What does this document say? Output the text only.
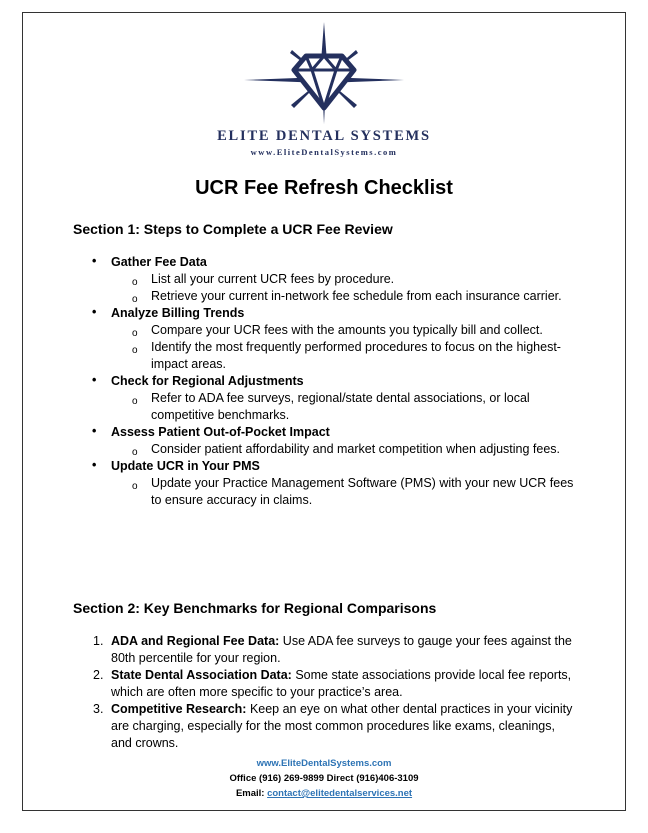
ELITE DENTAL SYSTEMS
www.EliteDentalSystems.com
UCR Fee Refresh Checklist
Section 1: Steps to Complete a UCR Fee Review
• Gather Fee Data
o List all your current UCR fees by procedure.
o Retrieve your current in-network fee schedule from each insurance carrier.
• Analyze Billing Trends
o Compare your UCR fees with the amounts you typically bill and collect.
o Identify the most frequently performed procedures to focus on the highest-impact areas.
• Check for Regional Adjustments
o Refer to ADA fee surveys, regional/state dental associations, or local competitive benchmarks.
• Assess Patient Out-of-Pocket Impact
o Consider patient affordability and market competition when adjusting fees.
• Update UCR in Your PMS
o Update your Practice Management Software (PMS) with your new UCR fees to ensure accuracy in claims.
Section 2: Key Benchmarks for Regional Comparisons
1. ADA and Regional Fee Data: Use ADA fee surveys to gauge your fees against the 80th percentile for your region.
2. State Dental Association Data: Some state associations provide local fee reports, which are often more specific to your practice’s area.
3. Competitive Research: Keep an eye on what other dental practices in your vicinity are charging, especially for the most common procedures like exams, cleanings, and crowns.
www.EliteDentalSystems.com
Office (916) 269-9899 Direct (916)406-3109
Email: contact@elitedentalservices.net
